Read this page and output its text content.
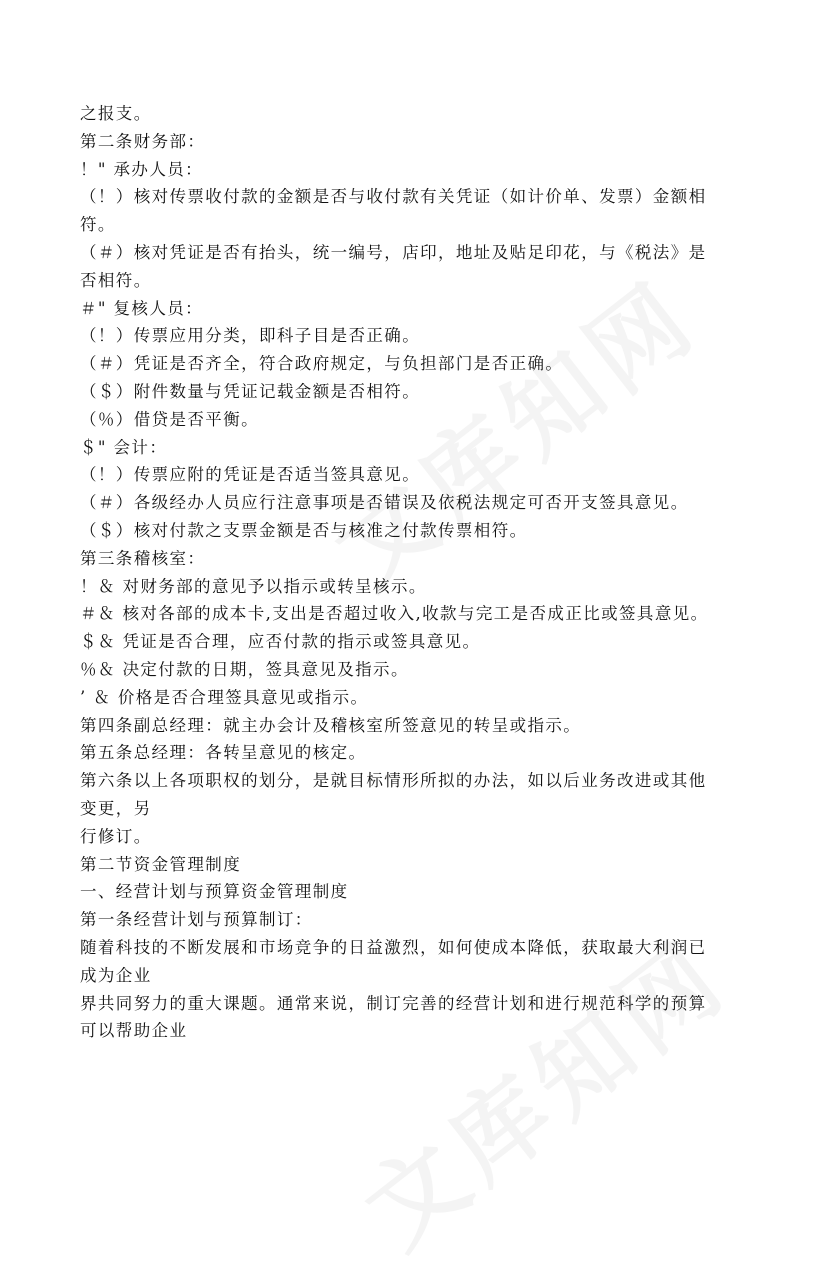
之报支。
第二条财务部：
！" 承办人员：
（！）核对传票收付款的金额是否与收付款有关凭证（如计价单、发票）金额相
符。
（＃）核对凭证是否有抬头，统一编号，店印，地址及贴足印花，与《税法》是
否相符。
＃" 复核人员：
（！）传票应用分类，即科子目是否正确。
（＃）凭证是否齐全，符合政府规定，与负担部门是否正确。
（＄）附件数量与凭证记载金额是否相符。
（％）借贷是否平衡。
＄" 会计：
（！）传票应附的凭证是否适当签具意见。
（＃）各级经办人员应行注意事项是否错误及依税法规定可否开支签具意见。
（＄）核对付款之支票金额是否与核准之付款传票相符。
第三条稽核室：
！＆ 对财务部的意见予以指示或转呈核示。
＃＆ 核对各部的成本卡,支出是否超过收入,收款与完工是否成正比或签具意见。
＄＆ 凭证是否合理，应否付款的指示或签具意见。
％＆ 决定付款的日期，签具意见及指示。
’ ＆ 价格是否合理签具意见或指示。
第四条副总经理：就主办会计及稽核室所签意见的转呈或指示。
第五条总经理：各转呈意见的核定。
第六条以上各项职权的划分，是就目标情形所拟的办法，如以后业务改进或其他
变更，另
行修订。
第二节资金管理制度
一、经营计划与预算资金管理制度
第一条经营计划与预算制订：
随着科技的不断发展和市场竞争的日益激烈，如何使成本降低，获取最大利润已
成为企业
界共同努力的重大课题。通常来说，制订完善的经营计划和进行规范科学的预算
可以帮助企业
